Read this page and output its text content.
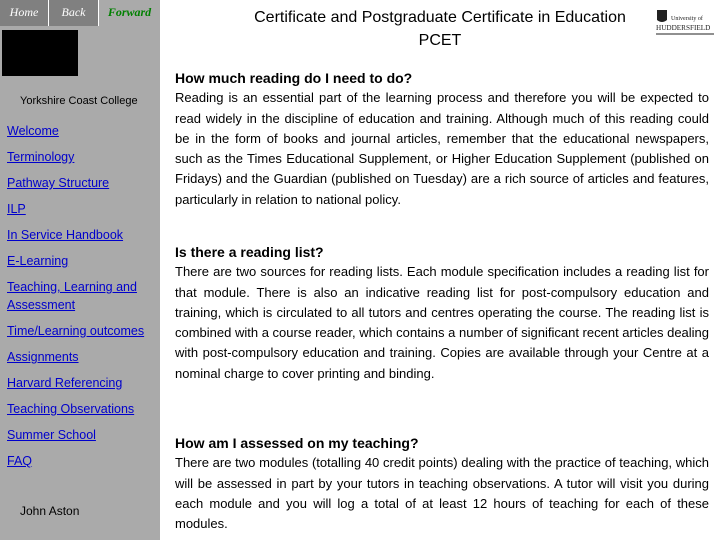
Home	Back	Forward
Yorkshire Coast College
Welcome
Terminology
Pathway Structure
ILP
In Service Handbook
E-Learning
Teaching, Learning and
Assessment
Time/Learning outcomes
Assignments
Harvard Referencing
Teaching Observations
Summer School
FAQ
John Aston
Certificate and Postgraduate Certificate in Education
PCET
University of
HUDDERSFIELD
How much reading do I need to do?
Reading is an essential part of the learning process and therefore you will be expected to read widely in the discipline of education and training. Although much of this reading could be in the form of books and journal articles, remember that the educational newspapers, such as the Times Educational Supplement, or Higher Education Supplement (published on Fridays) and the Guardian (published on Tuesday) are a rich source of articles and features, particularly in relation to national policy.
Is there a reading list?
There are two sources for reading lists. Each module specification includes a reading list for that module. There is also an indicative reading list for post-compulsory education and training, which is circulated to all tutors and centres operating the course. The reading list is combined with a course reader, which contains a number of significant recent articles dealing with post-compulsory education and training. Copies are available through your Centre at a nominal charge to cover printing and binding.
How am I assessed on my teaching?
There are two modules (totalling 40 credit points) dealing with the practice of teaching, which will be assessed in part by your tutors in teaching observations. A tutor will visit you during each module and you will log a total of at least 12 hours of teaching for each of these modules.
